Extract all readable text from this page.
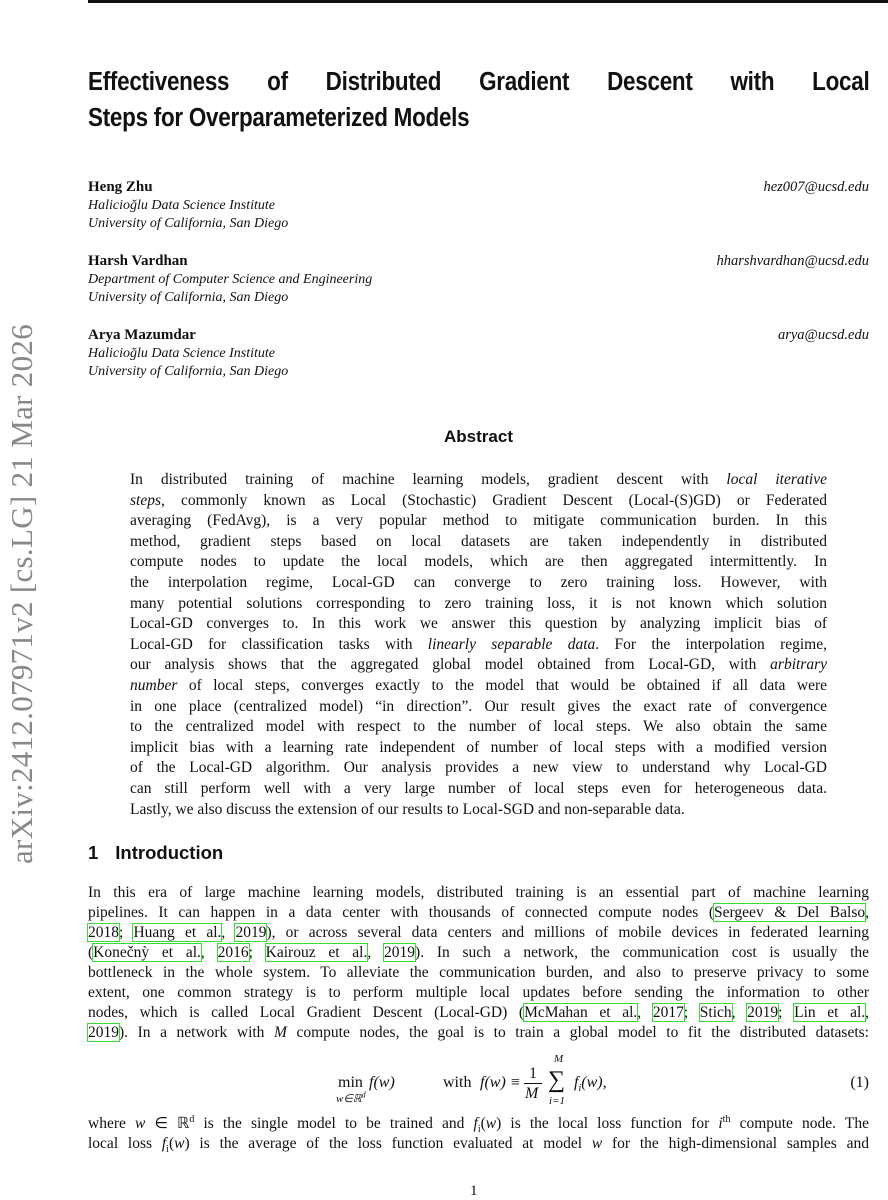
arXiv:2412.07971v2 [cs.LG] 21 Mar 2026
Effectiveness of Distributed Gradient Descent with Local
Steps for Overparameterized Models
Heng Zhu
Halicioğlu Data Science Institute
University of California, San Diego
hez007@ucsd.edu
Harsh Vardhan
Department of Computer Science and Engineering
University of California, San Diego
hharshvardhan@ucsd.edu
Arya Mazumdar
Halicioğlu Data Science Institute
University of California, San Diego
arya@ucsd.edu
Abstract
In distributed training of machine learning models, gradient descent with local iterative
steps, commonly known as Local (Stochastic) Gradient Descent (Local-(S)GD) or Federated
averaging (FedAvg), is a very popular method to mitigate communication burden. In this
method, gradient steps based on local datasets are taken independently in distributed
compute nodes to update the local models, which are then aggregated intermittently. In
the interpolation regime, Local-GD can converge to zero training loss. However, with
many potential solutions corresponding to zero training loss, it is not known which solution
Local-GD converges to. In this work we answer this question by analyzing implicit bias of
Local-GD for classification tasks with linearly separable data. For the interpolation regime,
our analysis shows that the aggregated global model obtained from Local-GD, with arbitrary
number of local steps, converges exactly to the model that would be obtained if all data were
in one place (centralized model) “in direction”. Our result gives the exact rate of convergence
to the centralized model with respect to the number of local steps. We also obtain the same
implicit bias with a learning rate independent of number of local steps with a modified version
of the Local-GD algorithm. Our analysis provides a new view to understand why Local-GD
can still perform well with a very large number of local steps even for heterogeneous data.
Lastly, we also discuss the extension of our results to Local-SGD and non-separable data.
1 Introduction
In this era of large machine learning models, distributed training is an essential part of machine learning
pipelines. It can happen in a data center with thousands of connected compute nodes (Sergeev & Del Balso,
2018; Huang et al., 2019), or across several data centers and millions of mobile devices in federated learning
(Konečnỳ et al., 2016; Kairouz et al., 2019). In such a network, the communication cost is usually the
bottleneck in the whole system. To alleviate the communication burden, and also to preserve privacy to some
extent, one common strategy is to perform multiple local updates before sending the information to other
nodes, which is called Local Gradient Descent (Local-GD) (McMahan et al., 2017; Stich, 2019; Lin et al.,
2019). In a network with M compute nodes, the goal is to train a global model to fit the distributed datasets:
min
w∈ℝ$^d$
f(w)	with f(w) ≡
1
M
M
∑
i=1
$f_i(w)$,	(1)
where w ∈ ℝ$^d$ is the single model to be trained and $f_i(w)$ is the local loss function for $i^{th}$ compute node. The
local loss $f_i(w)$ is the average of the loss function evaluated at model w for the high-dimensional samples and
1
